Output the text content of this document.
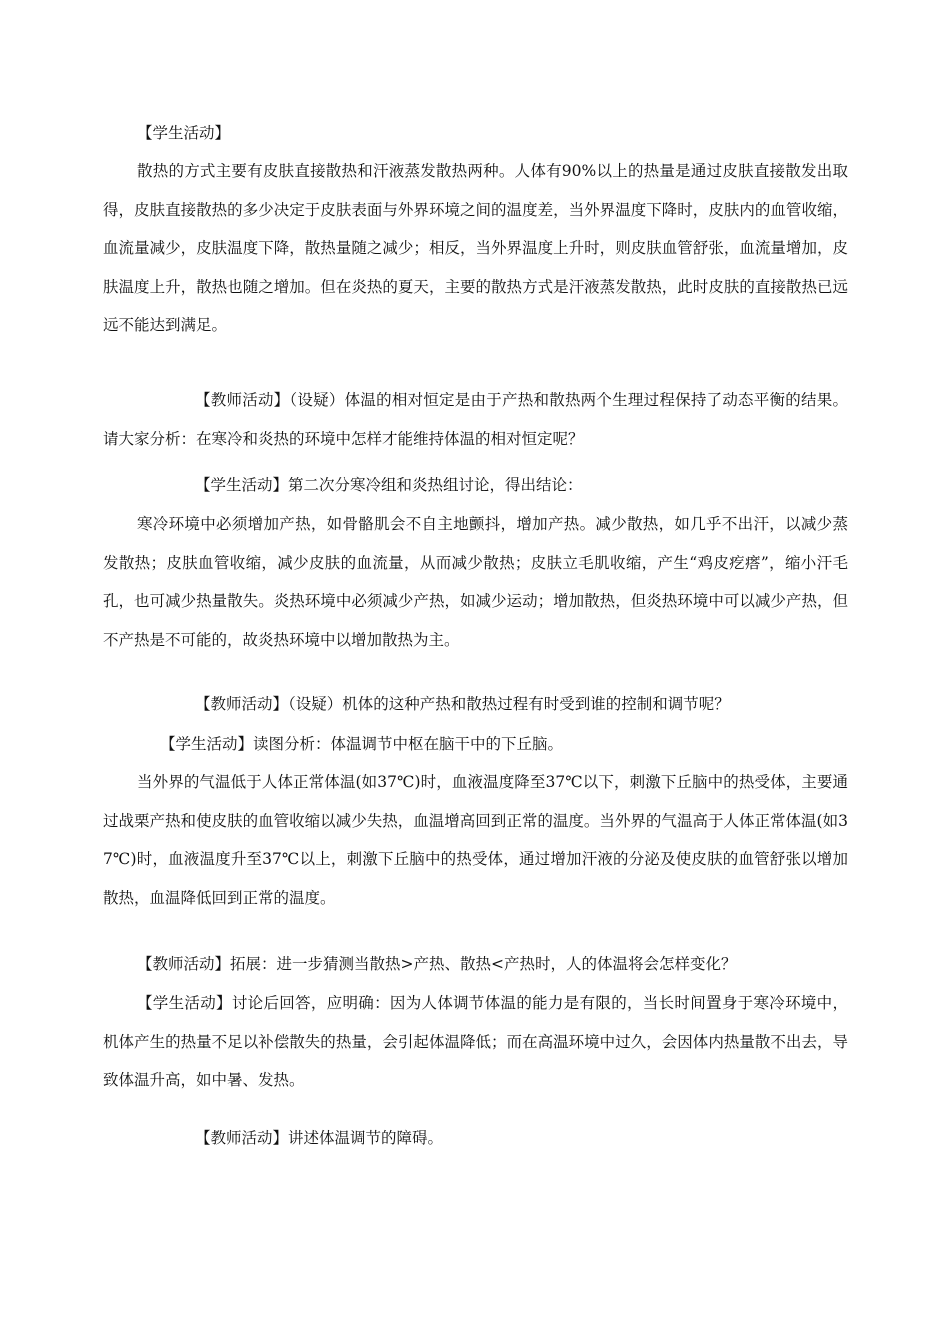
【学生活动】
散热的方式主要有皮肤直接散热和汗液蒸发散热两种。人体有90%以上的热量是通过皮肤直接散发出取得，皮肤直接散热的多少决定于皮肤表面与外界环境之间的温度差，当外界温度下降时，皮肤内的血管收缩，血流量减少，皮肤温度下降，散热量随之减少；相反，当外界温度上升时，则皮肤血管舒张，血流量增加，皮肤温度上升，散热也随之增加。但在炎热的夏天，主要的散热方式是汗液蒸发散热，此时皮肤的直接散热已远远不能达到满足。
【教师活动】（设疑）体温的相对恒定是由于产热和散热两个生理过程保持了动态平衡的结果。请大家分析：在寒冷和炎热的环境中怎样才能维持体温的相对恒定呢？
【学生活动】第二次分寒冷组和炎热组讨论，得出结论：
寒冷环境中必须增加产热，如骨骼肌会不自主地颤抖，增加产热。减少散热，如几乎不出汗，以减少蒸发散热；皮肤血管收缩，减少皮肤的血流量，从而减少散热；皮肤立毛肌收缩，产生“鸡皮疙瘩”，缩小汗毛孔，也可减少热量散失。炎热环境中必须减少产热，如减少运动；增加散热，但炎热环境中可以减少产热，但不产热是不可能的，故炎热环境中以增加散热为主。
【教师活动】（设疑）机体的这种产热和散热过程有时受到谁的控制和调节呢？
【学生活动】读图分析：体温调节中枢在脑干中的下丘脑。
当外界的气温低于人体正常体温(如37℃)时，血液温度降至37℃以下，刺激下丘脑中的热受体，主要通过战栗产热和使皮肤的血管收缩以减少失热，血温增高回到正常的温度。当外界的气温高于人体正常体温(如37℃)时，血液温度升至37℃以上，刺激下丘脑中的热受体，通过增加汗液的分泌及使皮肤的血管舒张以增加散热，血温降低回到正常的温度。
【教师活动】拓展：进一步猜测当散热>产热、散热<产热时，人的体温将会怎样变化？
【学生活动】讨论后回答，应明确：因为人体调节体温的能力是有限的，当长时间置身于寒冷环境中，机体产生的热量不足以补偿散失的热量，会引起体温降低；而在高温环境中过久，会因体内热量散不出去，导致体温升高，如中暑、发热。
【教师活动】讲述体温调节的障碍。
